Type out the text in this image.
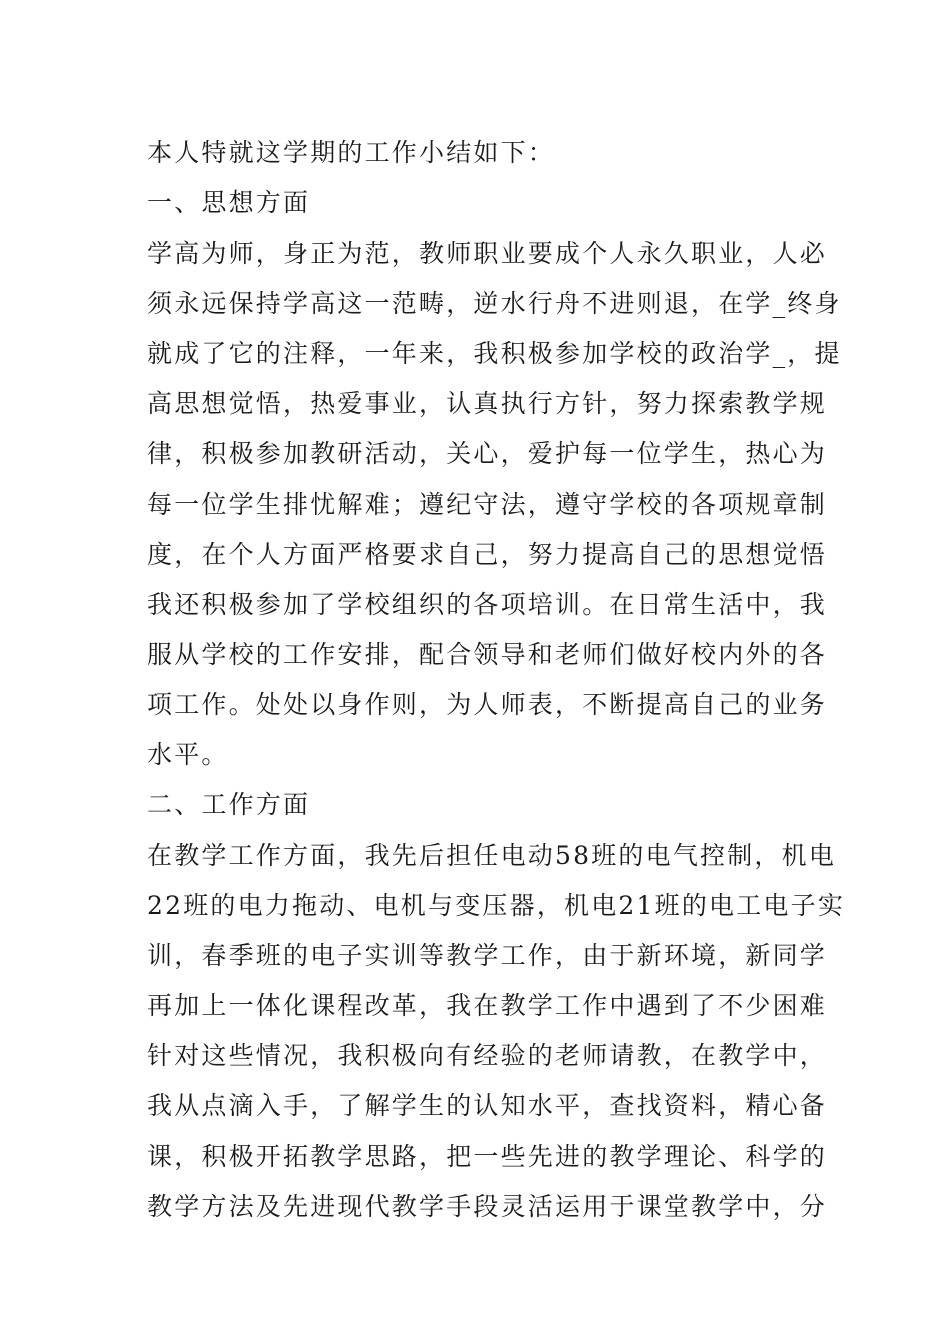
本人特就这学期的工作小结如下：
一、思想方面
学高为师，身正为范，教师职业要成个人永久职业，人必
须永远保持学高这一范畴，逆水行舟不进则退，在学_终身
就成了它的注释，一年来，我积极参加学校的政治学_，提
高思想觉悟，热爱事业，认真执行方针，努力探索教学规
律，积极参加教研活动，关心，爱护每一位学生，热心为
每一位学生排忧解难；遵纪守法，遵守学校的各项规章制
度，在个人方面严格要求自己，努力提高自己的思想觉悟
我还积极参加了学校组织的各项培训。在日常生活中，我
服从学校的工作安排，配合领导和老师们做好校内外的各
项工作。处处以身作则，为人师表，不断提高自己的业务
水平。
二、工作方面
在教学工作方面，我先后担任电动58班的电气控制，机电
22班的电力拖动、电机与变压器，机电21班的电工电子实
训，春季班的电子实训等教学工作，由于新环境，新同学
再加上一体化课程改革，我在教学工作中遇到了不少困难
针对这些情况，我积极向有经验的老师请教，在教学中，
我从点滴入手，了解学生的认知水平，查找资料，精心备
课，积极开拓教学思路，把一些先进的教学理论、科学的
教学方法及先进现代教学手段灵活运用于课堂教学中，分
